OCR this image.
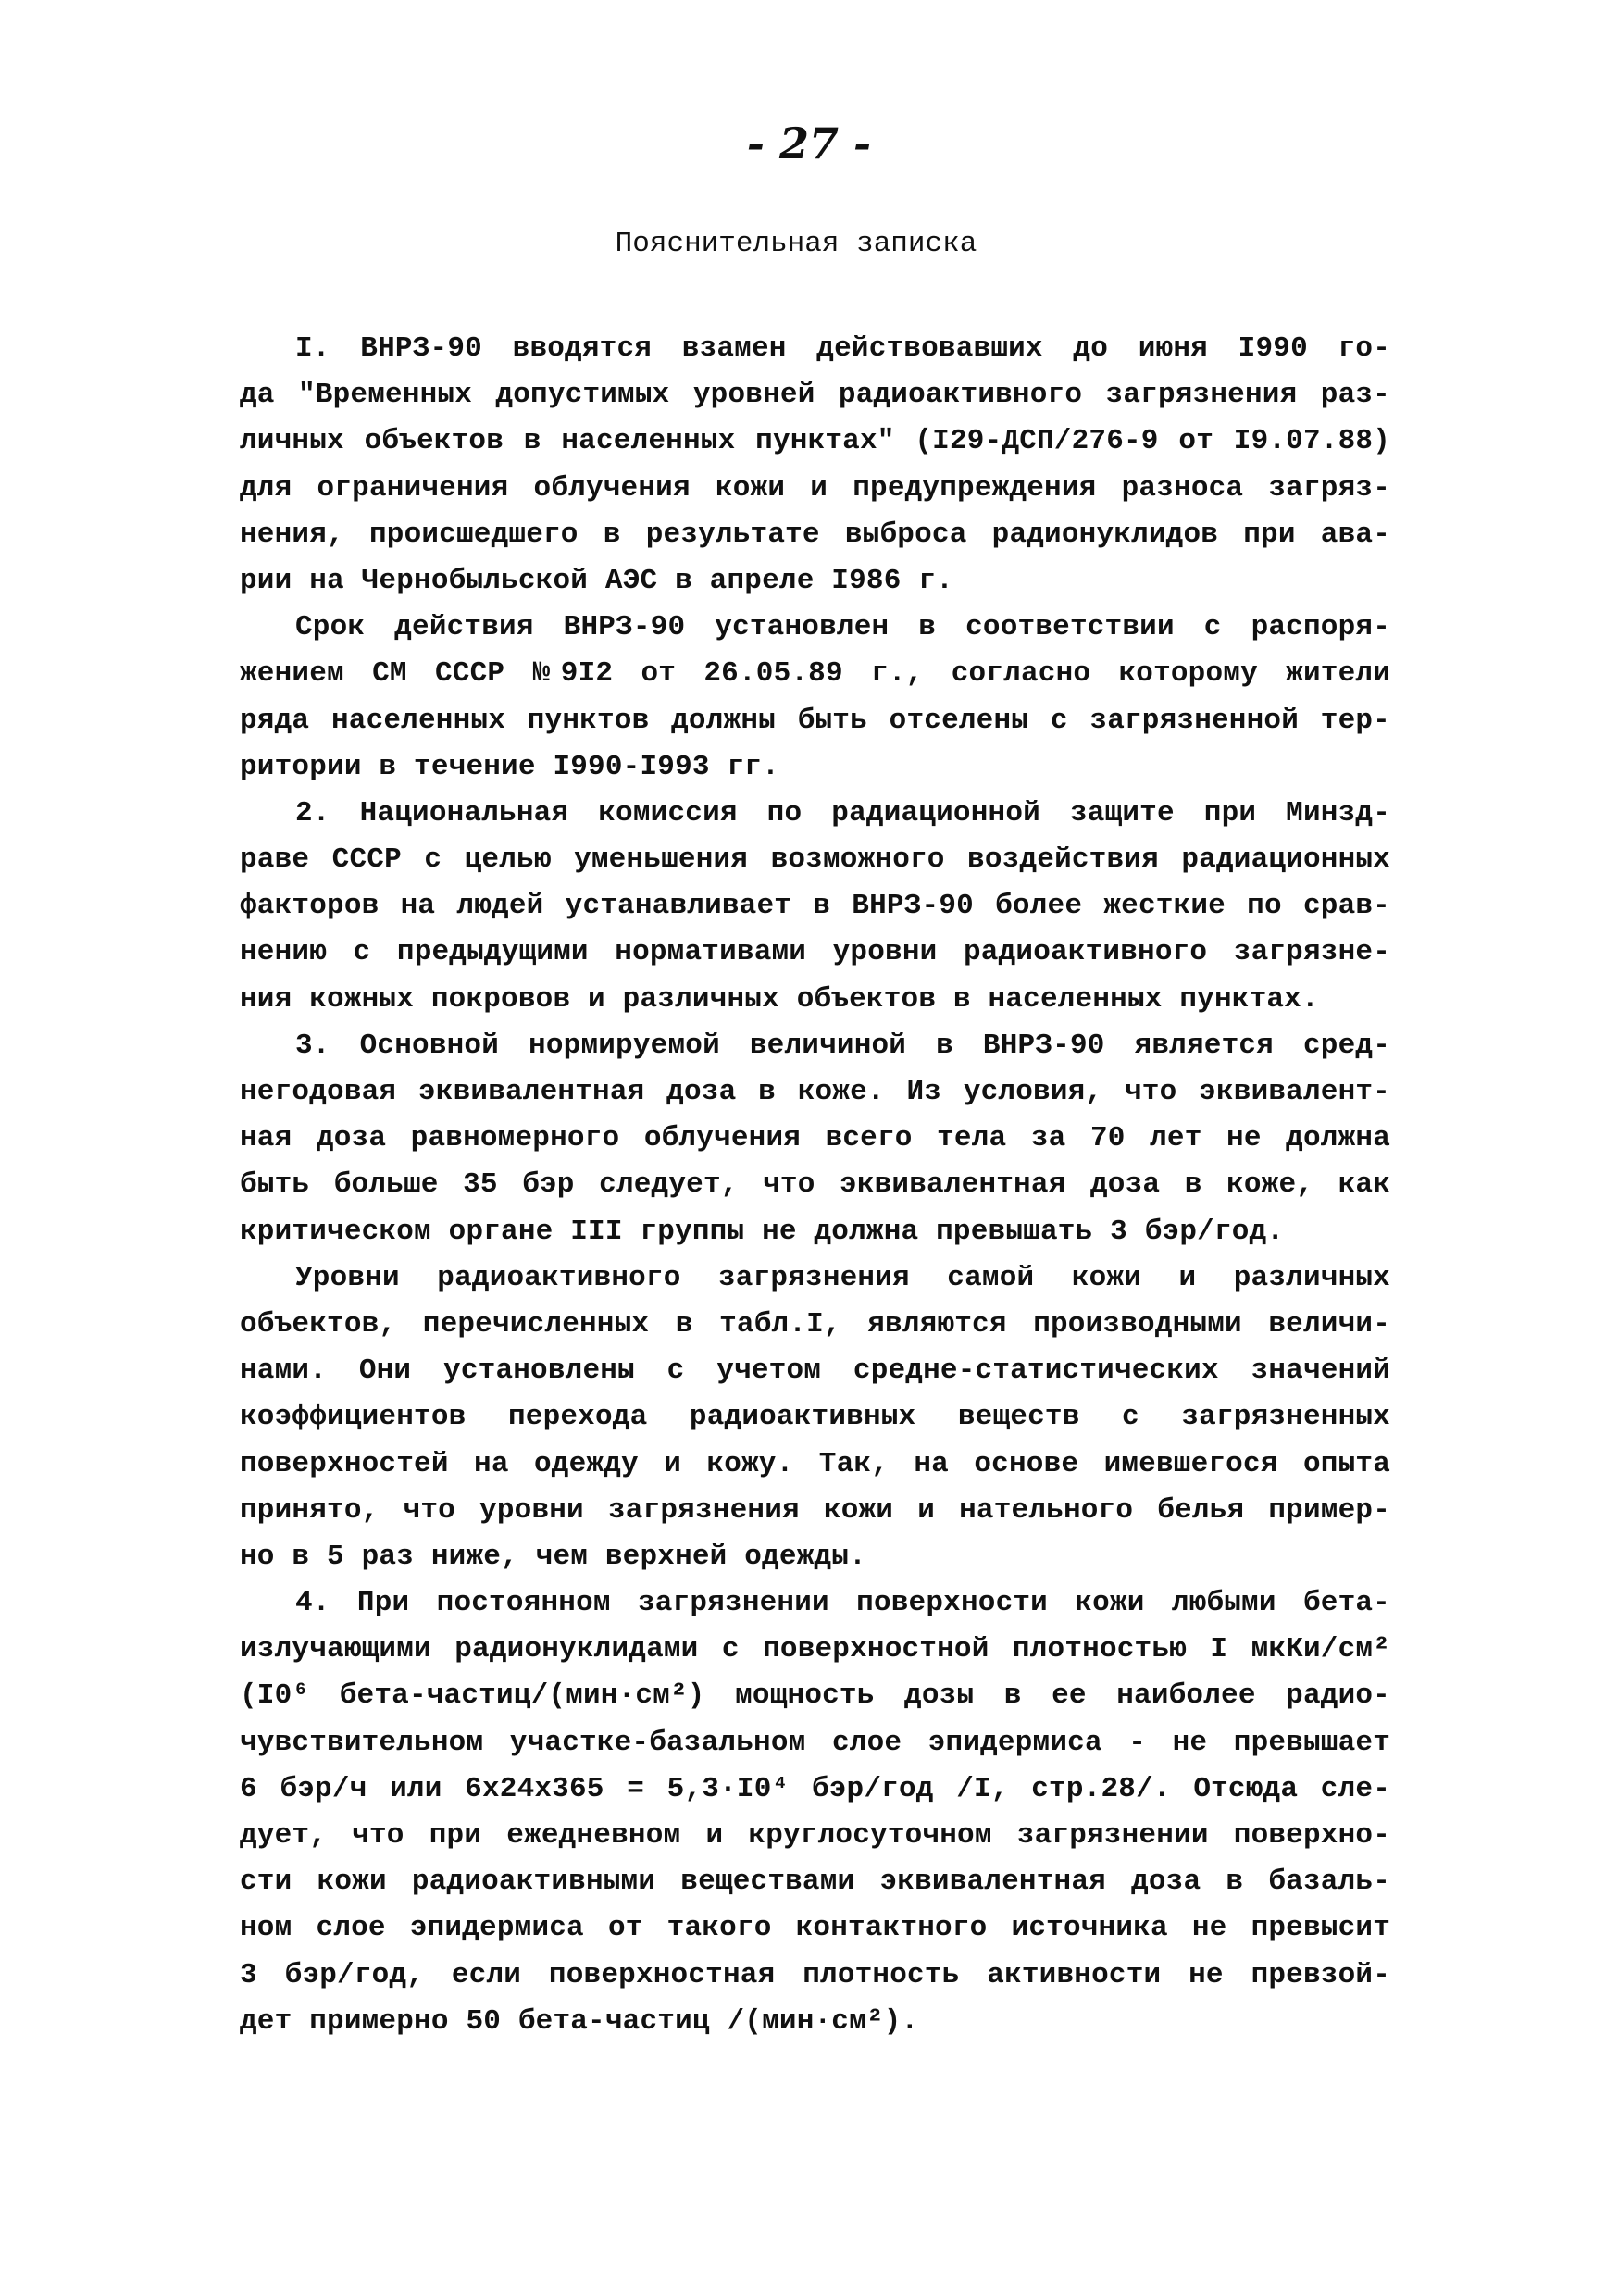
- 27 -
Пояснительная записка
I. ВНРЗ-90 вводятся взамен действовавших до июня I990 го-
да "Временных допустимых уровней радиоактивного загрязнения раз-
личных объектов в населенных пунктах" (I29-ДСП/276-9 от I9.07.88)
для ограничения облучения кожи и предупреждения разноса загряз-
нения, происшедшего в результате выброса радионуклидов при ава-
рии на Чернобыльской АЭС в апреле I986 г.
Срок действия ВНРЗ-90 установлен в соответствии с распоря-
жением СМ СССР №9I2 от 26.05.89 г., согласно которому жители
ряда населенных пунктов должны быть отселены с загрязненной тер-
ритории в течение I990-I993 гг.
2. Национальная комиссия по радиационной защите при Минзд-
раве СССР с целью уменьшения возможного воздействия радиационных
факторов на людей устанавливает в ВНРЗ-90 более жесткие по срав-
нению с предыдущими нормативами уровни радиоактивного загрязне-
ния кожных покровов и различных объектов в населенных пунктах.
3. Основной нормируемой величиной в ВНРЗ-90 является сред-
негодовая эквивалентная доза в коже. Из условия, что эквивалент-
ная доза равномерного облучения всего тела за 70 лет не должна
быть больше 35 бэр следует, что эквивалентная доза в коже, как
критическом органе III группы не должна превышать 3 бэр/год.
Уровни радиоактивного загрязнения самой кожи и различных
объектов, перечисленных в табл.I, являются производными величи-
нами. Они установлены с учетом средне-статистических значений
коэффициентов перехода радиоактивных веществ с загрязненных
поверхностей на одежду и кожу. Так, на основе имевшегося опыта
принято, что уровни загрязнения кожи и нательного белья пример-
но в 5 раз ниже, чем верхней одежды.
4. При постоянном загрязнении поверхности кожи любыми бета-
излучающими радионуклидами с поверхностной плотностью I мкКи/см²
(I0⁶ бета-частиц/(мин·см²) мощность дозы в ее наиболее радио-
чувствительном участке-базальном слое эпидермиса - не превышает
6 бэр/ч или 6х24х365 = 5,3·I0⁴ бэр/год /I, стр.28/. Отсюда сле-
дует, что при ежедневном и круглосуточном загрязнении поверхно-
сти кожи радиоактивными веществами эквивалентная доза в базаль-
ном слое эпидермиса от такого контактного источника не превысит
3 бэр/год, если поверхностная плотность активности не превзой-
дет примерно 50 бета-частиц /(мин·см²).
